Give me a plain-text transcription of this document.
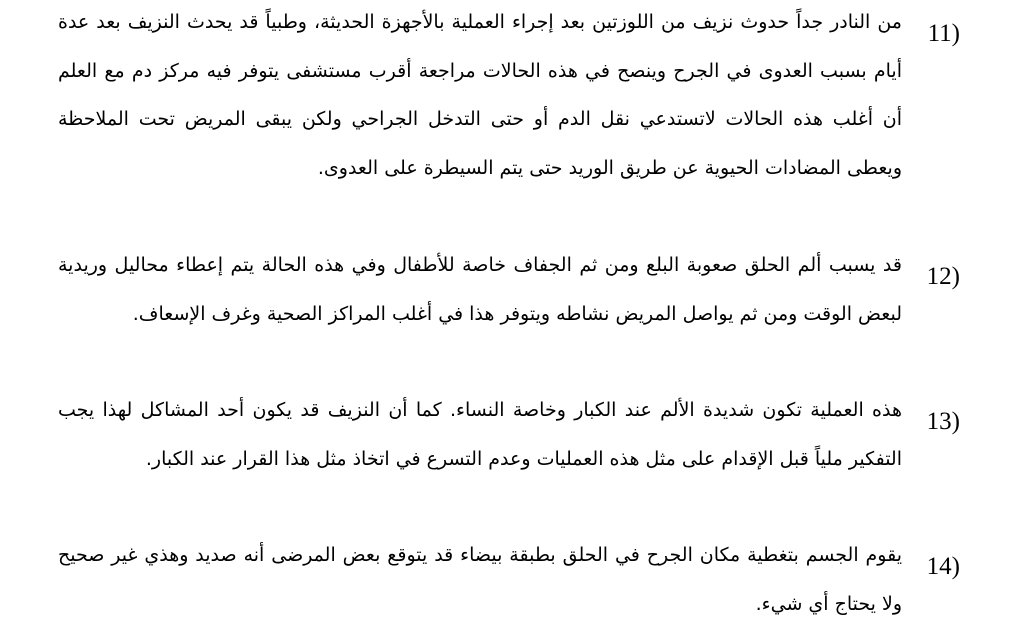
11)
من النادر جداً حدوث نزيف من اللوزتين بعد إجراء العملية بالأجهزة الحديثة، وطبياً قد يحدث النزيف بعد عدة أيام بسبب العدوى في الجرح وينصح في هذه الحالات مراجعة أقرب مستشفى يتوفر فيه مركز دم مع العلم أن أغلب هذه الحالات لاتستدعي نقل الدم أو حتى التدخل الجراحي ولكن يبقى المريض تحت الملاحظة ويعطى المضادات الحيوية عن طريق الوريد حتى يتم السيطرة على العدوى.
12)
قد يسبب ألم الحلق صعوبة البلع ومن ثم الجفاف خاصة للأطفال وفي هذه الحالة يتم إعطاء محاليل وريدية لبعض الوقت ومن ثم يواصل المريض نشاطه ويتوفر هذا في أغلب المراكز الصحية وغرف الإسعاف.
13)
هذه العملية تكون شديدة الألم عند الكبار وخاصة النساء. كما أن النزيف قد يكون أحد المشاكل لهذا يجب التفكير ملياً قبل الإقدام على مثل هذه العمليات وعدم التسرع في اتخاذ مثل هذا القرار عند الكبار.
14)
يقوم الجسم بتغطية مكان الجرح في الحلق بطبقة بيضاء قد يتوقع بعض المرضى أنه صديد وهذي غير صحيح ولا يحتاج أي شيء.
